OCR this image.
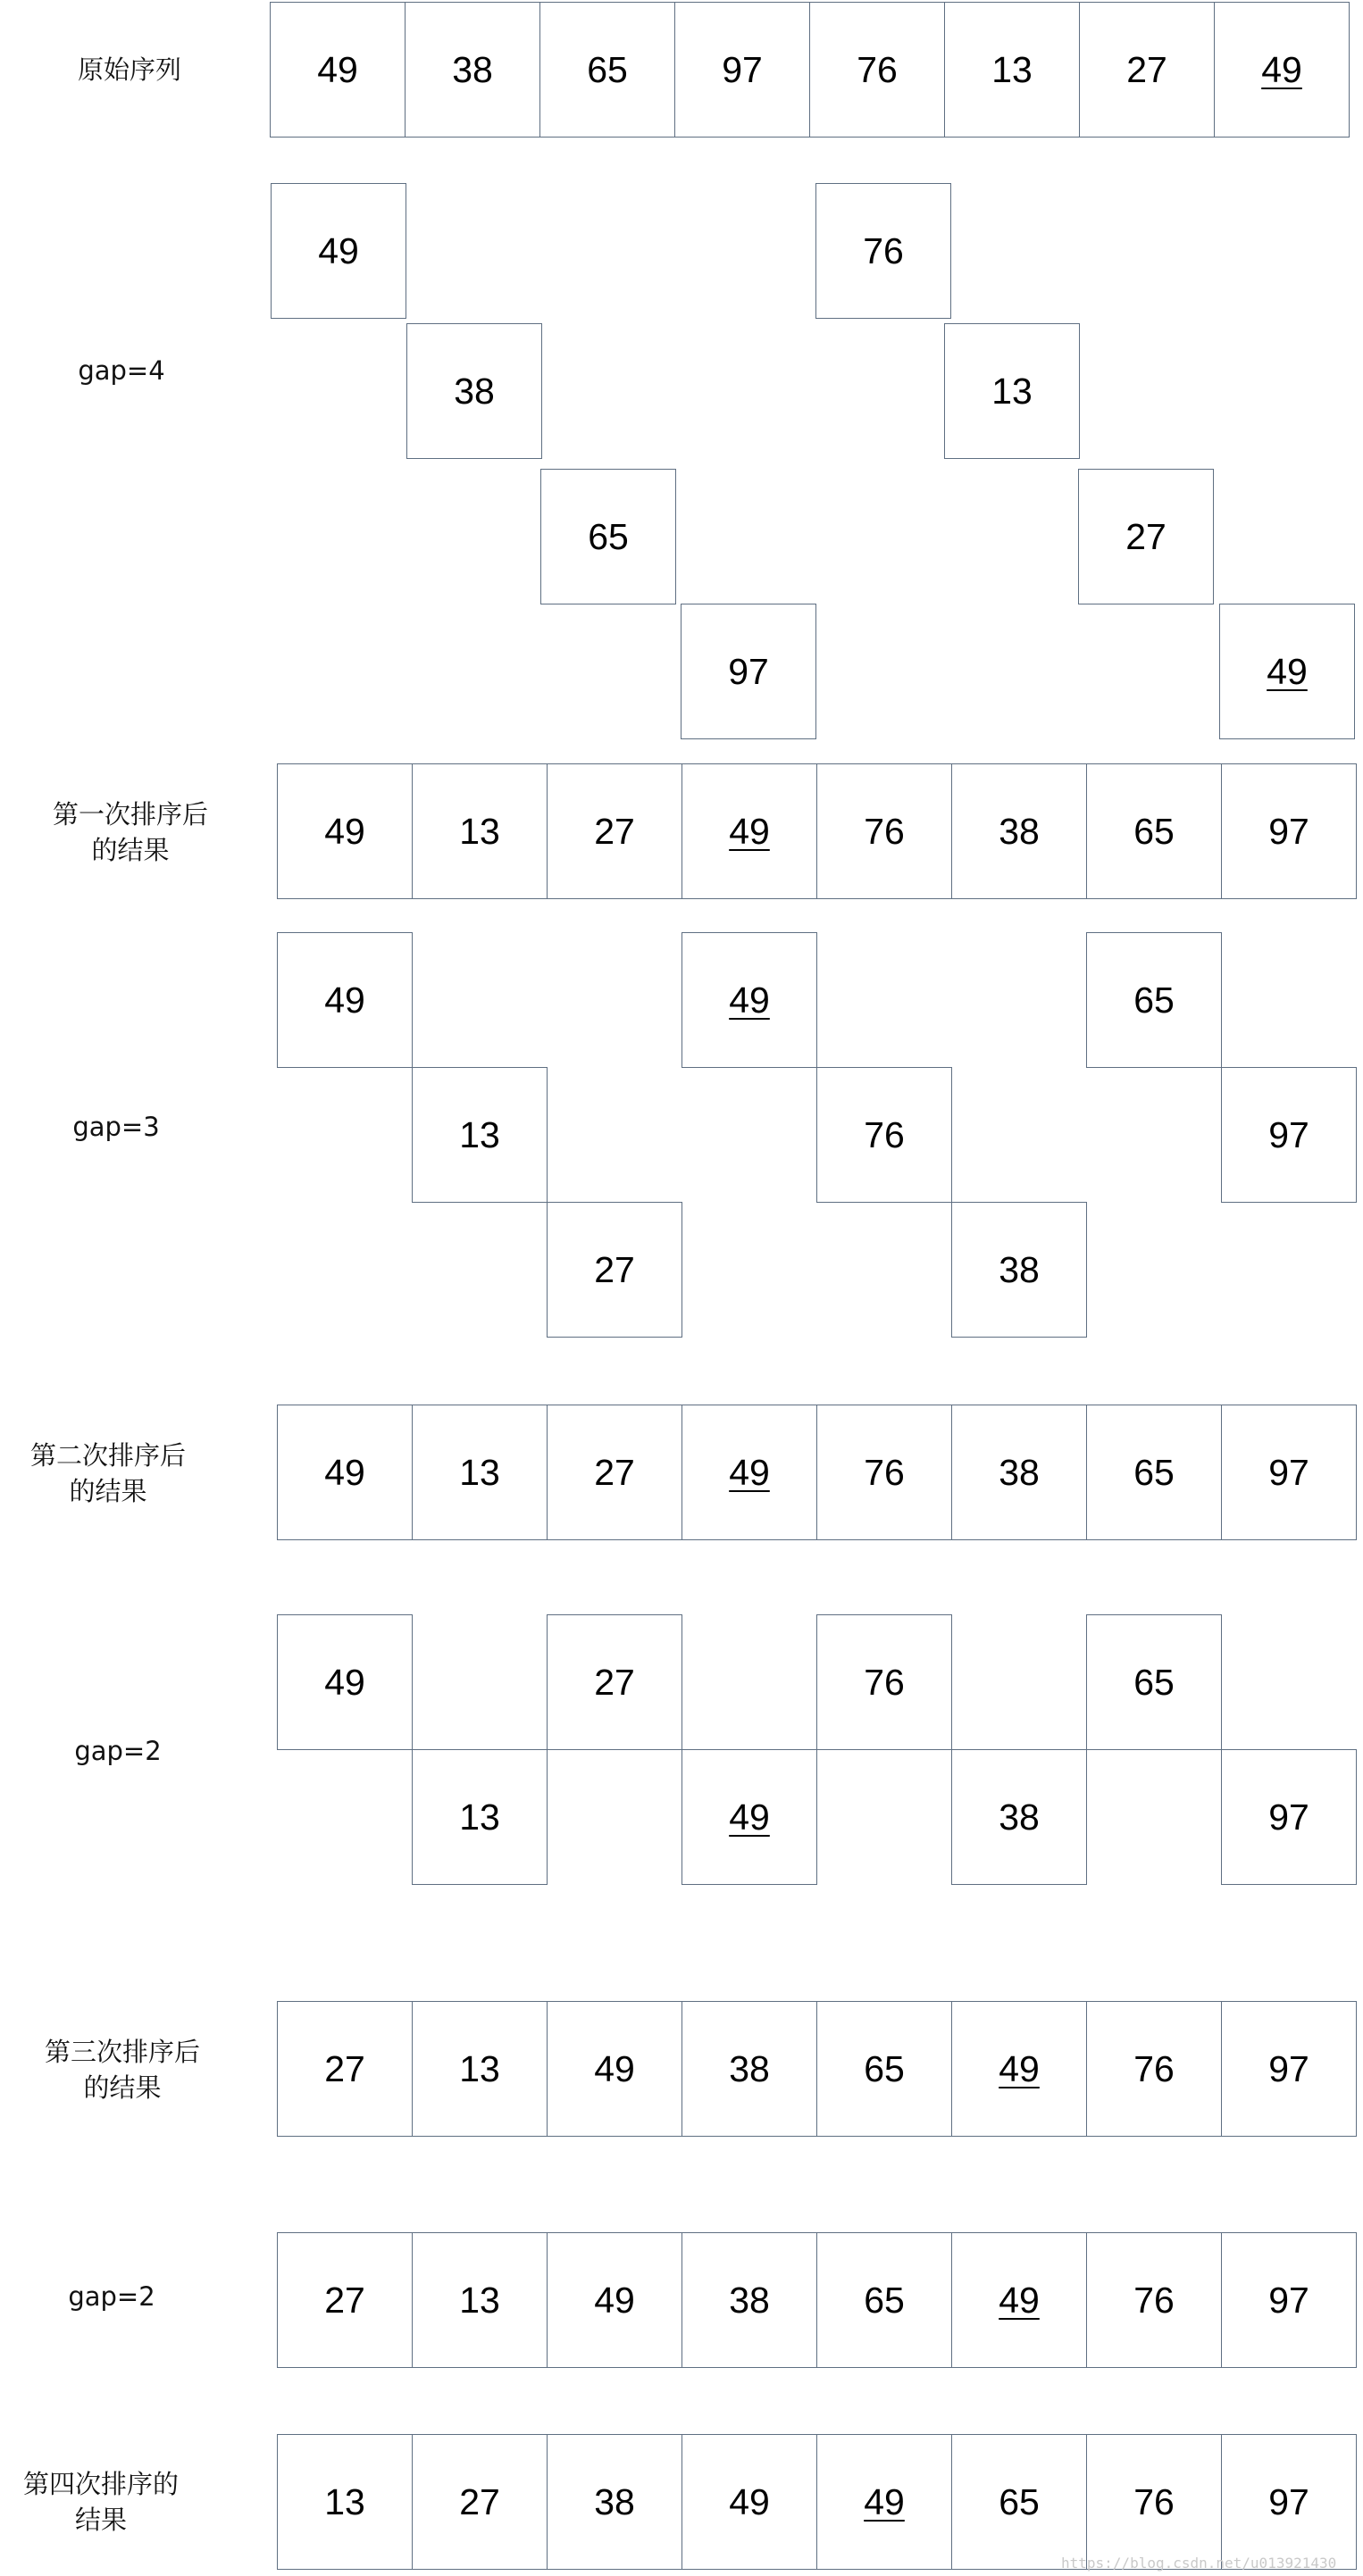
原始序列	49	38	65	97	76	13	27	49
gap=4
49	76
38	13
65	27
97	49
第一次排序后
的结果	49	13	27	49	76	38	65	97
gap=3
49	49	65
13	76	97
27	38
第二次排序后
的结果	49	13	27	49	76	38	65	97
gap=2
49	27	76	65
13	49	38	97
第三次排序后
的结果	27	13	49	38	65	49	76	97
gap=2	27	13	49	38	65	49	76	97
第四次排序的
结果	13	27	38	49	49	65	76	97
https://blog.csdn.net/u013921430
